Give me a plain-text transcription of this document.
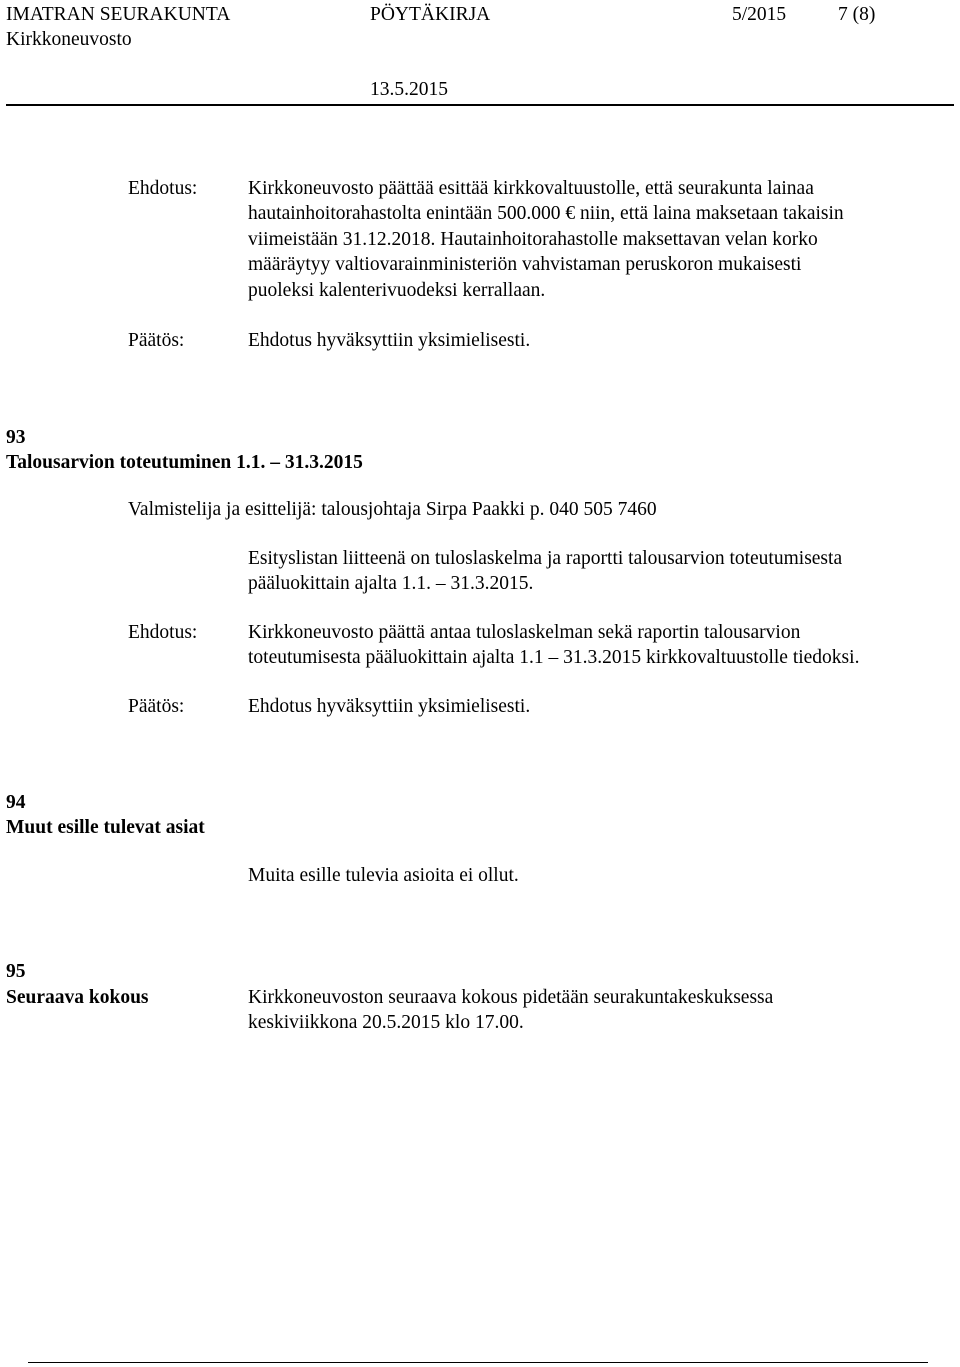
IMATRAN SEURAKUNTA	PÖYTÄKIRJA	5/2015	7 (8)
Kirkkoneuvosto
13.5.2015
Ehdotus:	Kirkkoneuvosto päättää esittää kirkkovaltuustolle, että seurakunta lainaa
hautainhoitorahastolta enintään 500.000 € niin, että laina maksetaan takaisin
viimeistään 31.12.2018. Hautainhoitorahastolle maksettavan velan korko
määräytyy valtiovarainministeriön vahvistaman peruskoron mukaisesti
puoleksi kalenterivuodeksi kerrallaan.
Päätös:	Ehdotus hyväksyttiin yksimielisesti.
93
Talousarvion toteutuminen 1.1. – 31.3.2015
Valmistelija ja esittelijä: talousjohtaja Sirpa Paakki p. 040 505 7460
Esityslistan liitteenä on tuloslaskelma ja raportti talousarvion toteutumisesta
pääluokittain ajalta 1.1. – 31.3.2015.
Ehdotus:	Kirkkoneuvosto päättä antaa tuloslaskelman sekä raportin talousarvion
toteutumisesta pääluokittain ajalta 1.1 – 31.3.2015 kirkkovaltuustolle tiedoksi.
Päätös:	Ehdotus hyväksyttiin yksimielisesti.
94
Muut esille tulevat asiat
Muita esille tulevia asioita ei ollut.
95
Seuraava kokous	Kirkkoneuvoston seuraava kokous pidetään seurakuntakeskuksessa
keskiviikkona 20.5.2015 klo 17.00.
